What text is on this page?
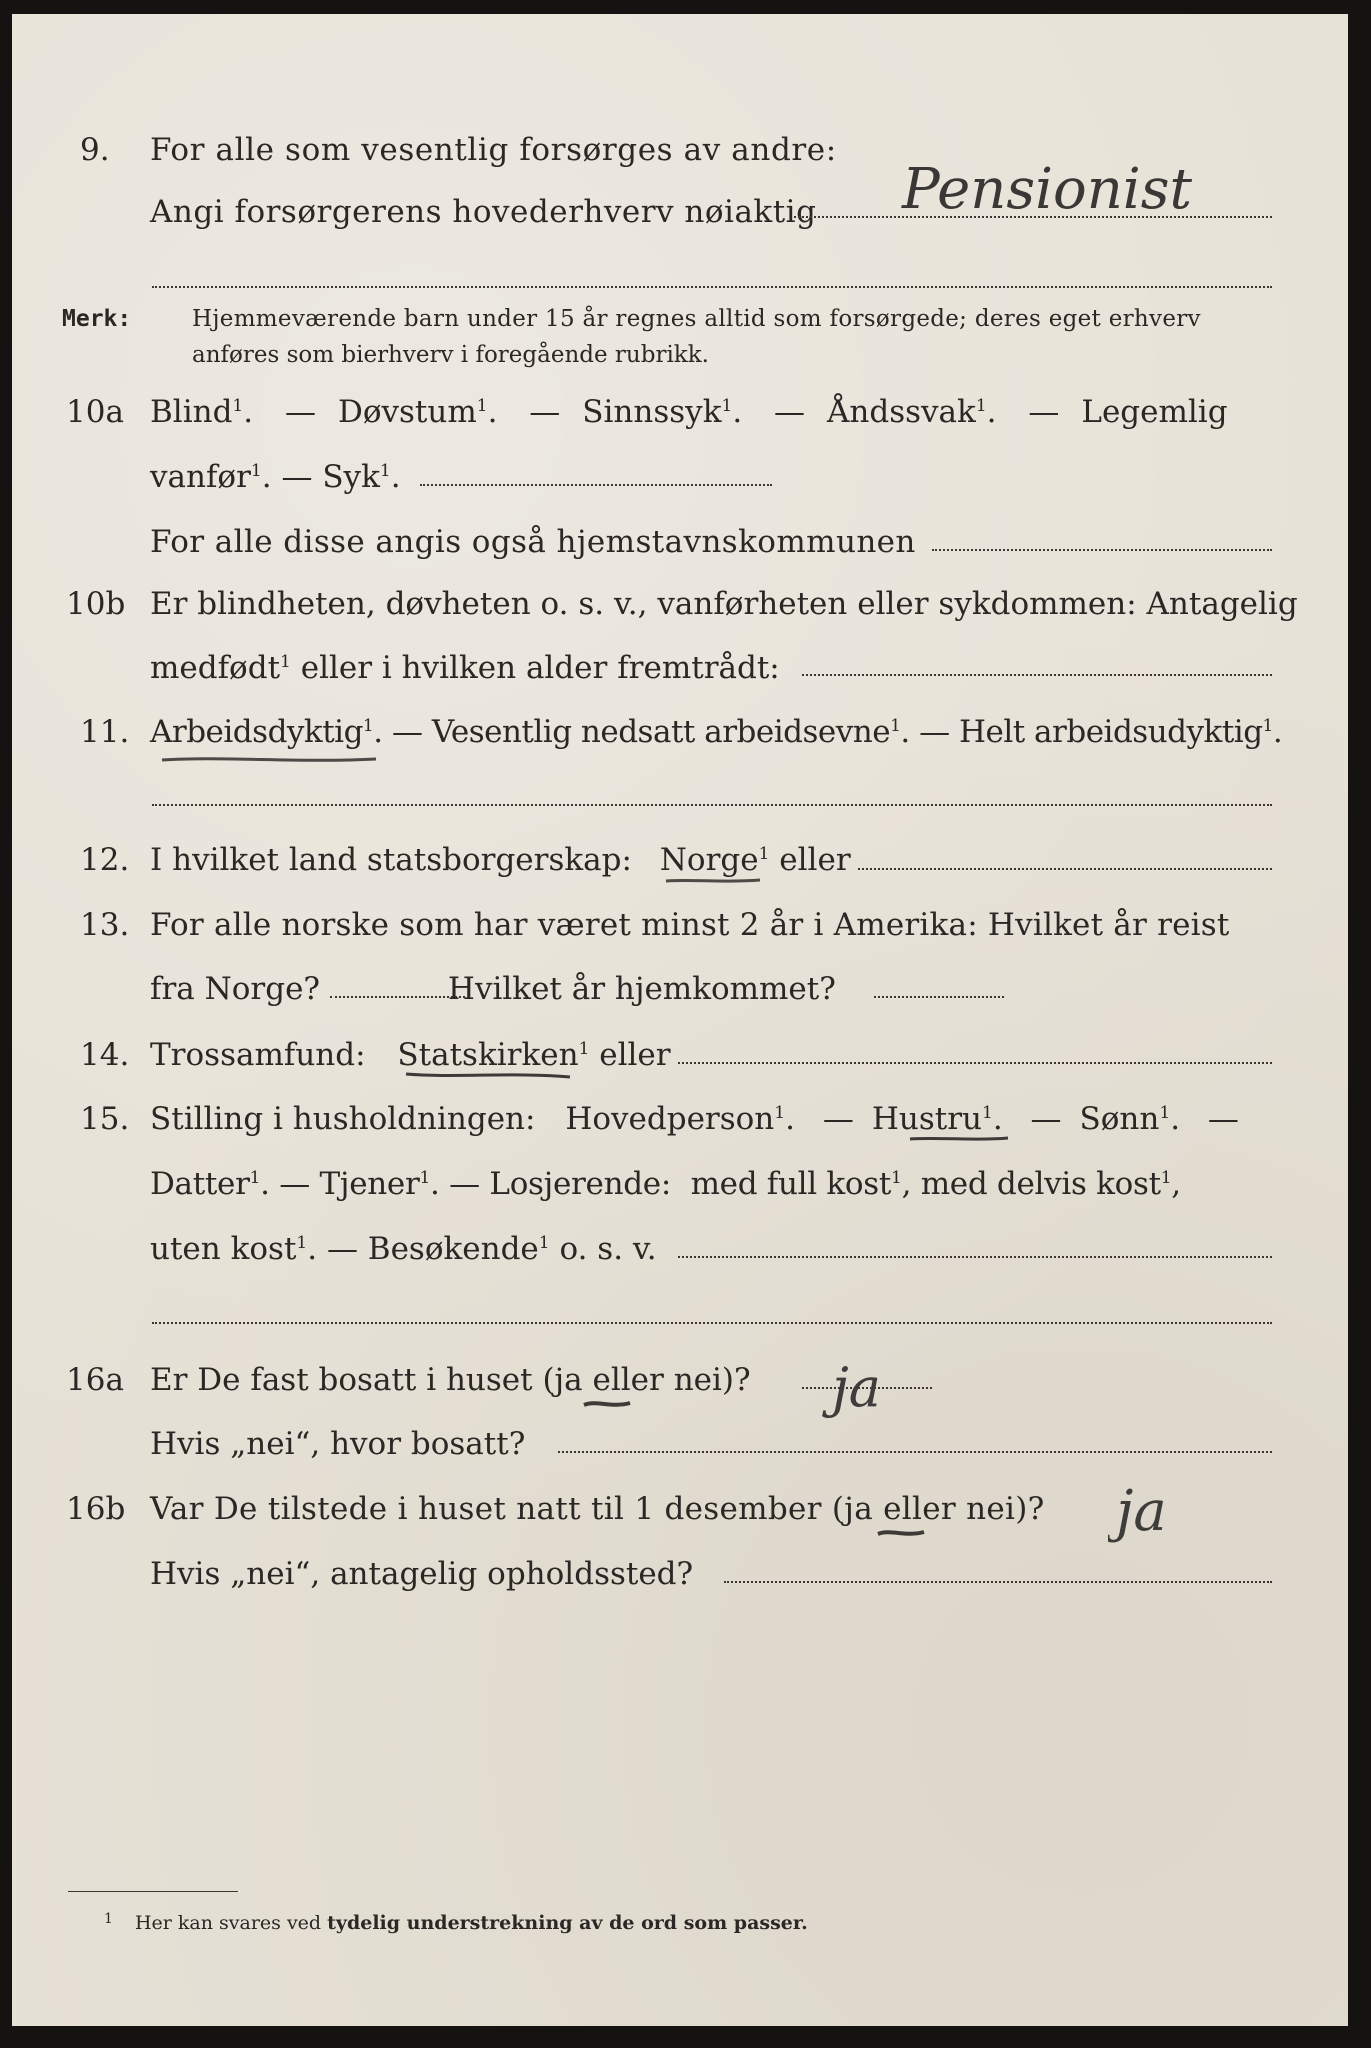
9. For alle som vesentlig forsørges av andre:
Angi forsørgerens hovederhverv nøiaktig Pensionist
Merk:	Hjemmeværende barn under 15 år regnes alltid som forsørgede; deres eget erhverv
anføres som bierhverv i foregående rubrikk.
10a Blind$^1$. — Døvstum$^1$. — Sinnssyk$^1$. — Åndssvak$^1$. — Legemlig
vanfør$^1$. — Syk$^1$.
For alle disse angis også hjemstavnskommunen
10b Er blindheten, døvheten o. s. v., vanførheten eller sykdommen: Antagelig
medfødt$^1$ eller i hvilken alder fremtrådt:
11. Arbeidsdyktig$^1$. — Vesentlig nedsatt arbeidsevne$^1$. — Helt arbeidsudyktig$^1$.
12. I hvilket land statsborgerskap: Norge$^1$ eller
13. For alle norske som har været minst 2 år i Amerika: Hvilket år reist
fra Norge?	Hvilket år hjemkommet?
14. Trossamfund: Statskirken$^1$ eller
15. Stilling i husholdningen: Hovedperson$^1$. — Hustru$^1$. — Sønn$^1$. —
Datter$^1$. — Tjener$^1$. — Losjerende: med full kost$^1$, med delvis kost$^1$,
uten kost$^1$. — Besøkende$^1$ o. s. v.
16a Er De fast bosatt i huset (ja eller nei)? ja
Hvis „nei“, hvor bosatt?
16b Var De tilstede i huset natt til 1 desember (ja eller nei)? ja
Hvis „nei“, antagelig opholdssted?
$^1$ Her kan svares ved tydelig understrekning av de ord som passer.
